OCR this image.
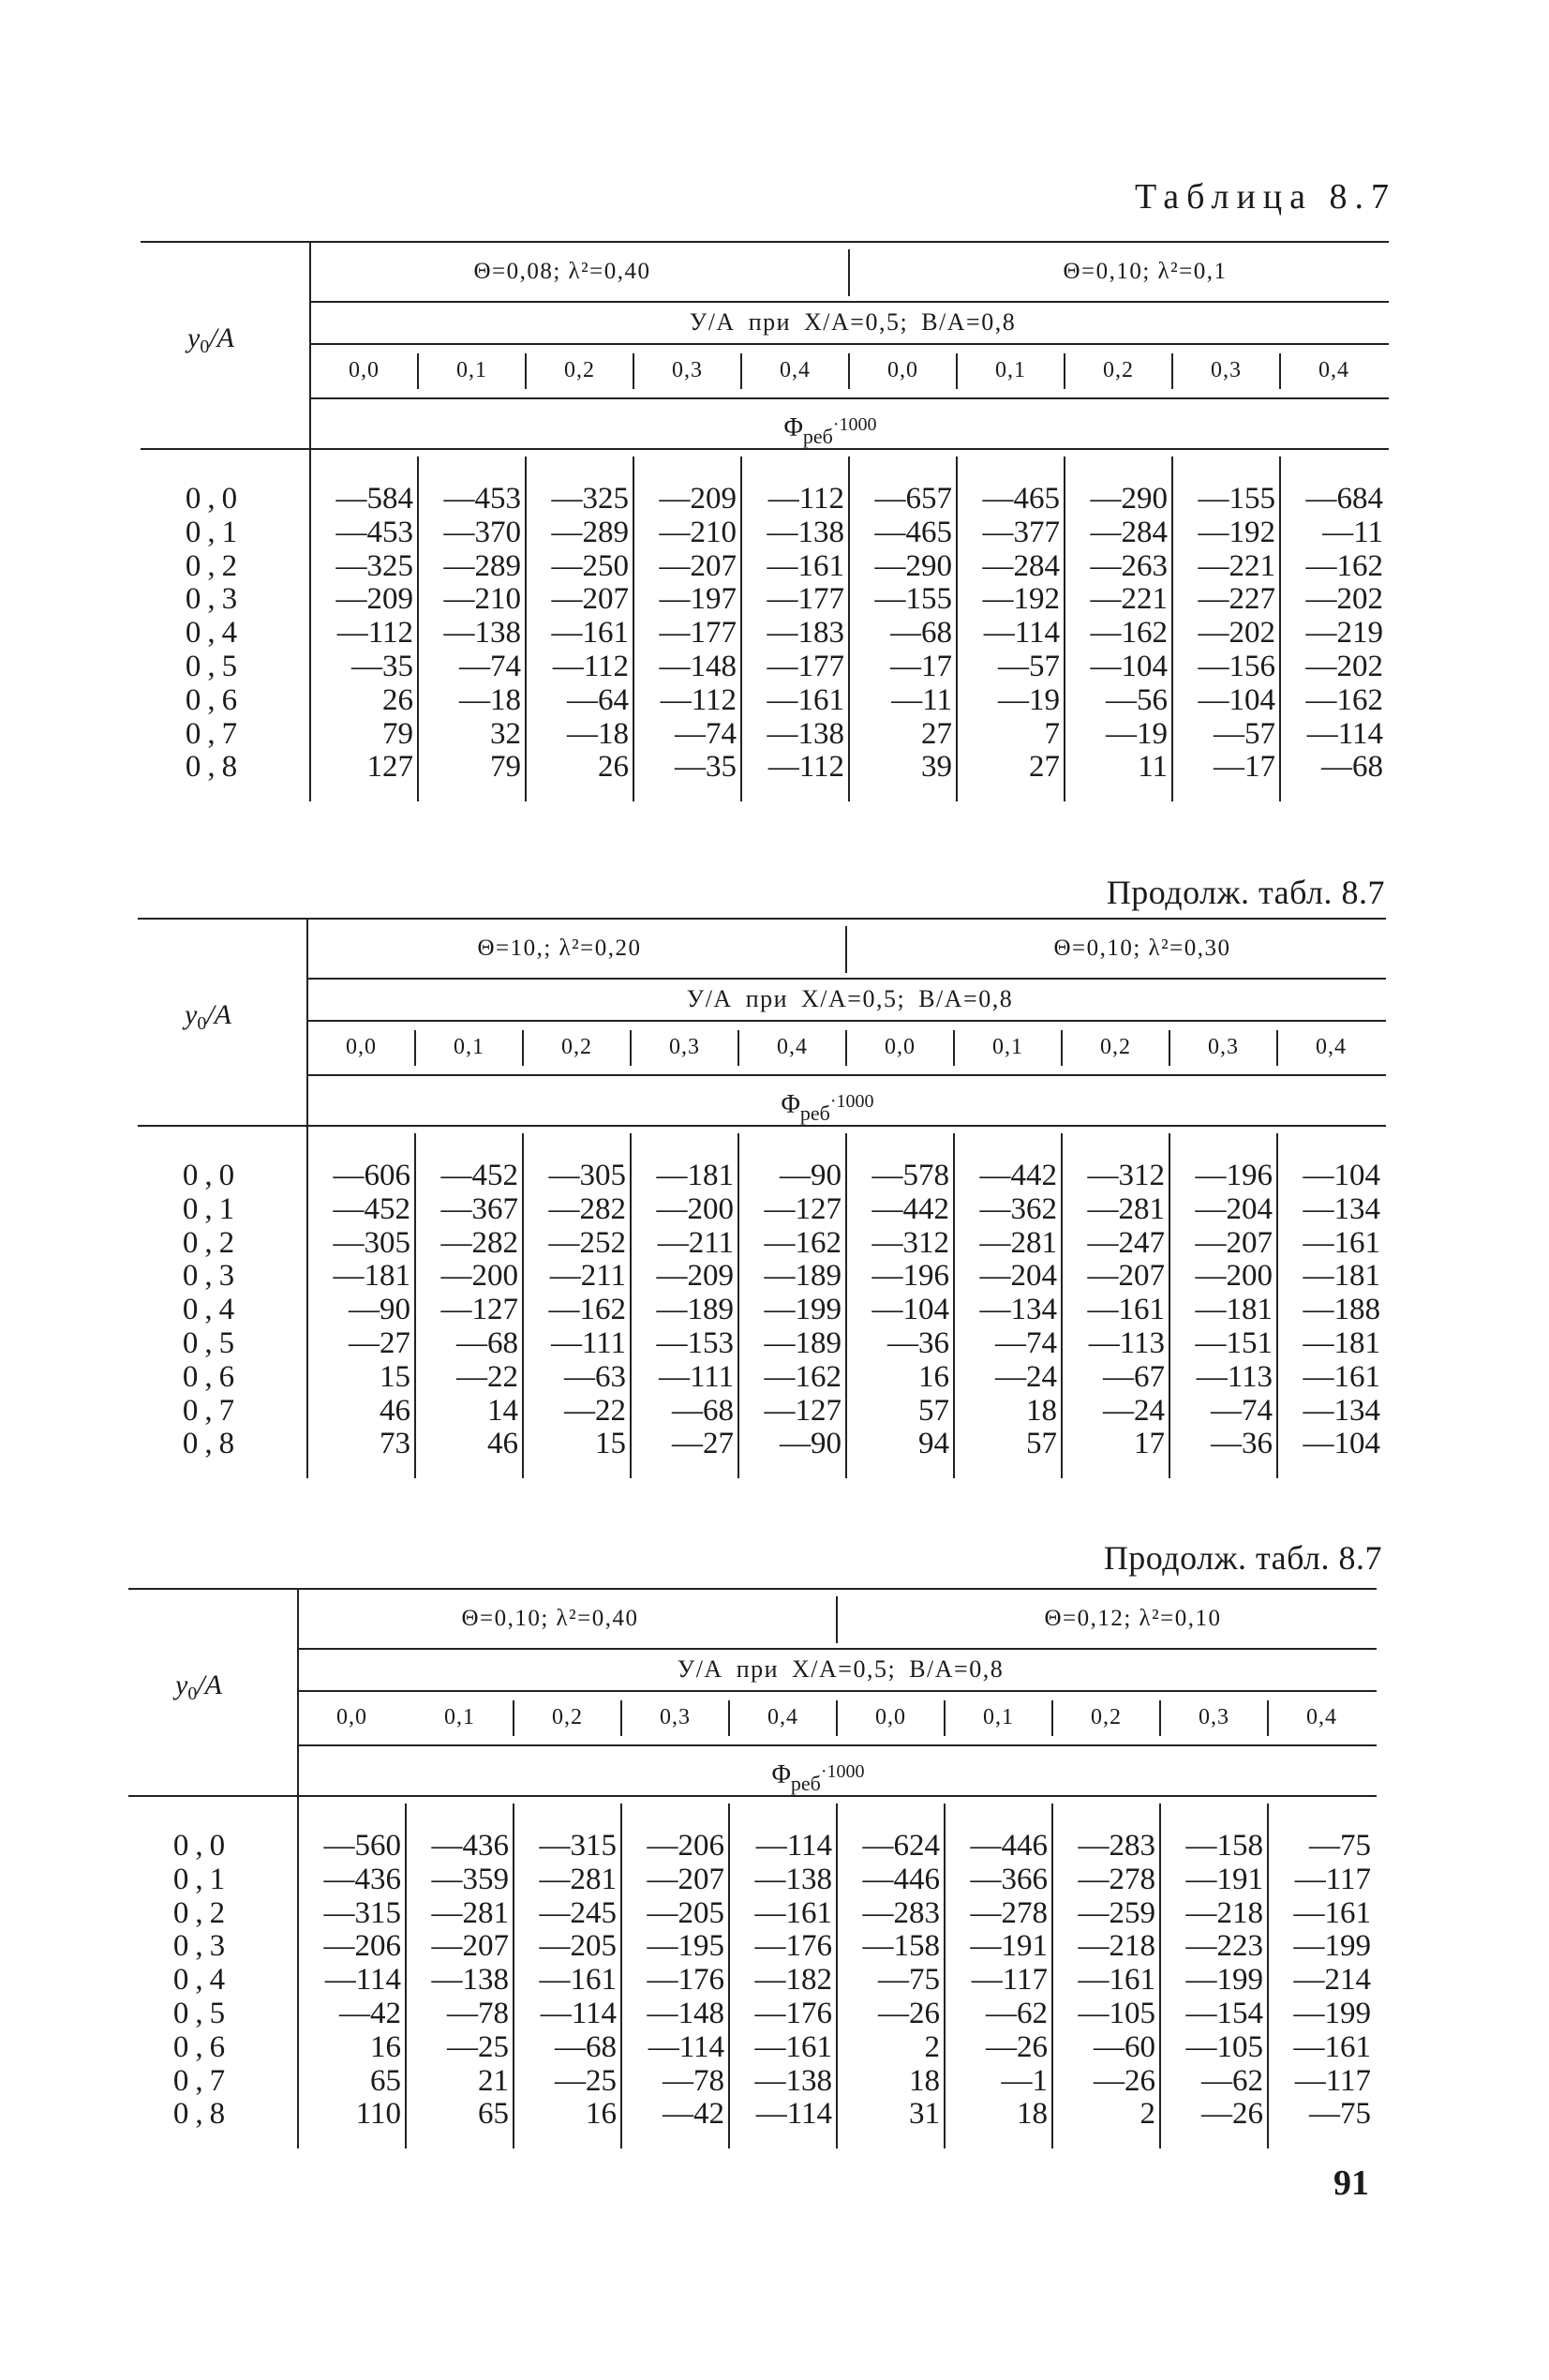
Таблица 8.7
$y_0/A$
Θ=0,08; λ²=0,40	Θ=0,10; λ²=0,1
У/А при X/A=0,5; B/A=0,8
0,0	0,1	0,2	0,3	0,4	0,0	0,1	0,2	0,3	0,4
$\Phi_{реб}^{\cdot 1000}$
0,0	—584 —453 —325 —209	—112 —657 —465 —290 —155 —684
0,1	—453 —370 —289 —210 —138 —465 —377 —284 —192	—11
0,2	—325 —289 —250 —207 —161 —290 —284 —263 —221 —162
0,3	—209 —210 —207 —197 —177 —155 —192 —221 —227 —202
0,4	—112 —138 —161 —177 —183	—68	—114 —162 —202 —219
0,5	—35	—74	—112 —148 —177	—17	—57 —104 —156 —202
0,6	26	—18	—64	—112 —161	—11	—19	—56 —104 —162
0,7	79	32	—18	—74 —138	27	7	—19	—57	—114
0,8	127	79	26	—35	—112	39	27	11	—17	—68
Продолж. табл. 8.7
$y_0/A$
Θ=10,; λ²=0,20	Θ=0,10; λ²=0,30
У/А при X/A=0,5; B/A=0,8
0,0	0,1	0,2	0,3	0,4	0,0	0,1	0,2	0,3	0,4
$\Phi_{реб}^{\cdot 1000}$
0,0	—606 —452 —305 —181	—90 —578 —442 —312 —196 —104
0,1	—452 —367 —282 —200 —127 —442 —362 —281 —204 —134
0,2	—305 —282 —252	—211 —162 —312 —281 —247 —207 —161
0,3	—181 —200	—211 —209 —189 —196 —204 —207 —200 —181
0,4	—90 —127 —162 —189 —199 —104 —134 —161 —181 —188
0,5	—27	—68	—111 —153 —189	—36	—74	—113 —151 —181
0,6	15	—22	—63	—111 —162	16	—24	—67	—113 —161
0,7	46	14	—22	—68 —127	57	18	—24	—74 —134
0,8	73	46	15	—27	—90	94	57	17	—36 —104
Продолж. табл. 8.7
$y_0/A$
Θ=0,10; λ²=0,40	Θ=0,12; λ²=0,10
У/А при X/A=0,5; B/A=0,8
0,0	0,1	0,2	0,3	0,4	0,0	0,1	0,2	0,3	0,4
$\Phi_{реб}^{\cdot 1000}$
0,0	—560 —436 —315 —206	—114 —624 —446 —283 —158	—75
0,1	—436 —359 —281 —207 —138 —446 —366 —278 —191	—117
0,2	—315 —281 —245 —205 —161 —283 —278 —259 —218 —161
0,3	—206 —207 —205 —195 —176 —158 —191 —218 —223 —199
0,4	—114 —138 —161 —176 —182	—75	—117 —161 —199 —214
0,5	—42	—78	—114 —148 —176	—26	—62 —105 —154 —199
0,6	16	—25	—68	—114 —161	2	—26	—60 —105 —161
0,7	65	21	—25	—78 —138	18	—1	—26	—62	—117
0,8	110	65	16	—42	—114	31	18	2	—26	—75
91
